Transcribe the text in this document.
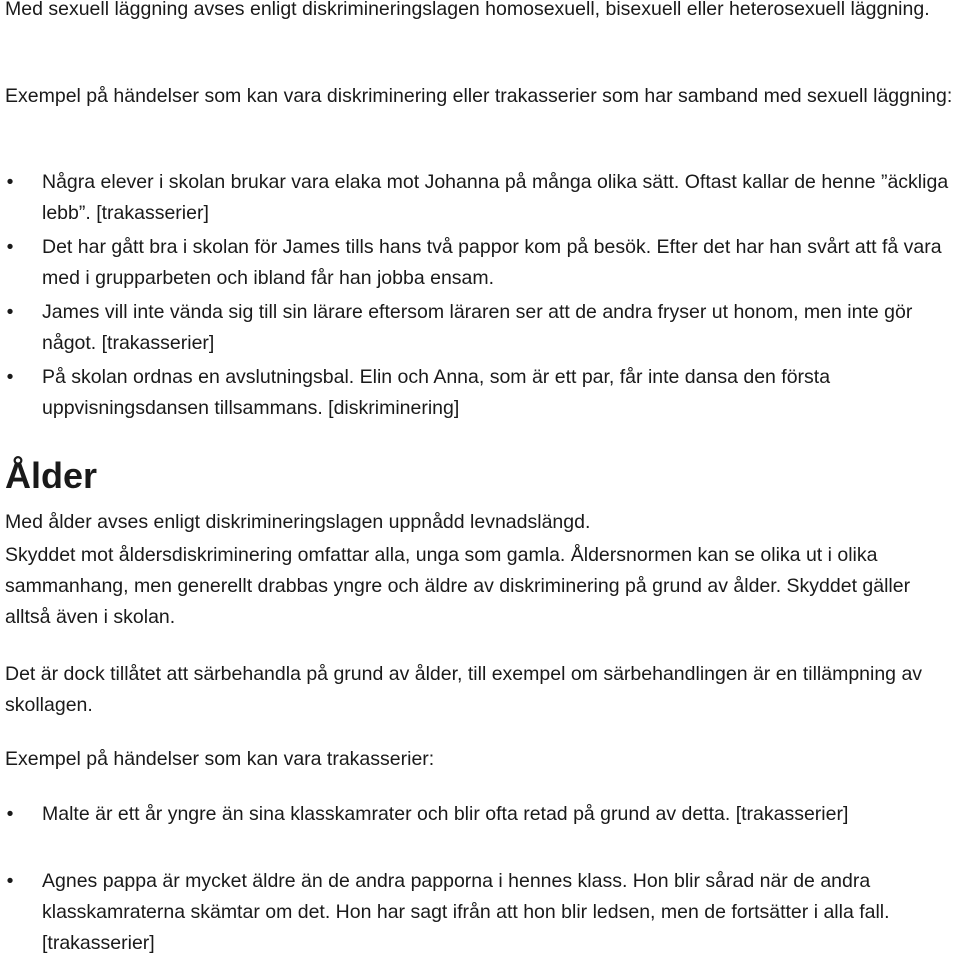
Med sexuell läggning avses enligt diskrimineringslagen homosexuell, bisexuell eller heterosexuell läggning.

Exempel på händelser som kan vara diskriminering eller trakasserier som har samband med sexuell läggning:

• Några elever i skolan brukar vara elaka mot Johanna på många olika sätt. Oftast kallar de henne ”äckliga lebb”. [trakasserier]
• Det har gått bra i skolan för James tills hans två pappor kom på besök. Efter det har han svårt att få vara med i grupparbeten och ibland får han jobba ensam.
• James vill inte vända sig till sin lärare eftersom läraren ser att de andra fryser ut honom, men inte gör något. [trakasserier]
• På skolan ordnas en avslutningsbal. Elin och Anna, som är ett par, får inte dansa den första uppvisningsdansen tillsammans. [diskriminering]
Ålder

Med ålder avses enligt diskrimineringslagen uppnådd levnadslängd.

Skyddet mot åldersdiskriminering omfattar alla, unga som gamla. Åldersnormen kan se olika ut i olika sammanhang, men generellt drabbas yngre och äldre av diskriminering på grund av ålder. Skyddet gäller alltså även i skolan.

Det är dock tillåtet att särbehandla på grund av ålder, till exempel om särbehandlingen är en tillämpning av skollagen.

Exempel på händelser som kan vara trakasserier:

• Malte är ett år yngre än sina klasskamrater och blir ofta retad på grund av detta. [trakasserier]
• Agnes pappa är mycket äldre än de andra papporna i hennes klass. Hon blir sårad när de andra klasskamraterna skämtar om det. Hon har sagt ifrån att hon blir ledsen, men de fortsätter i alla fall. [trakasserier]
